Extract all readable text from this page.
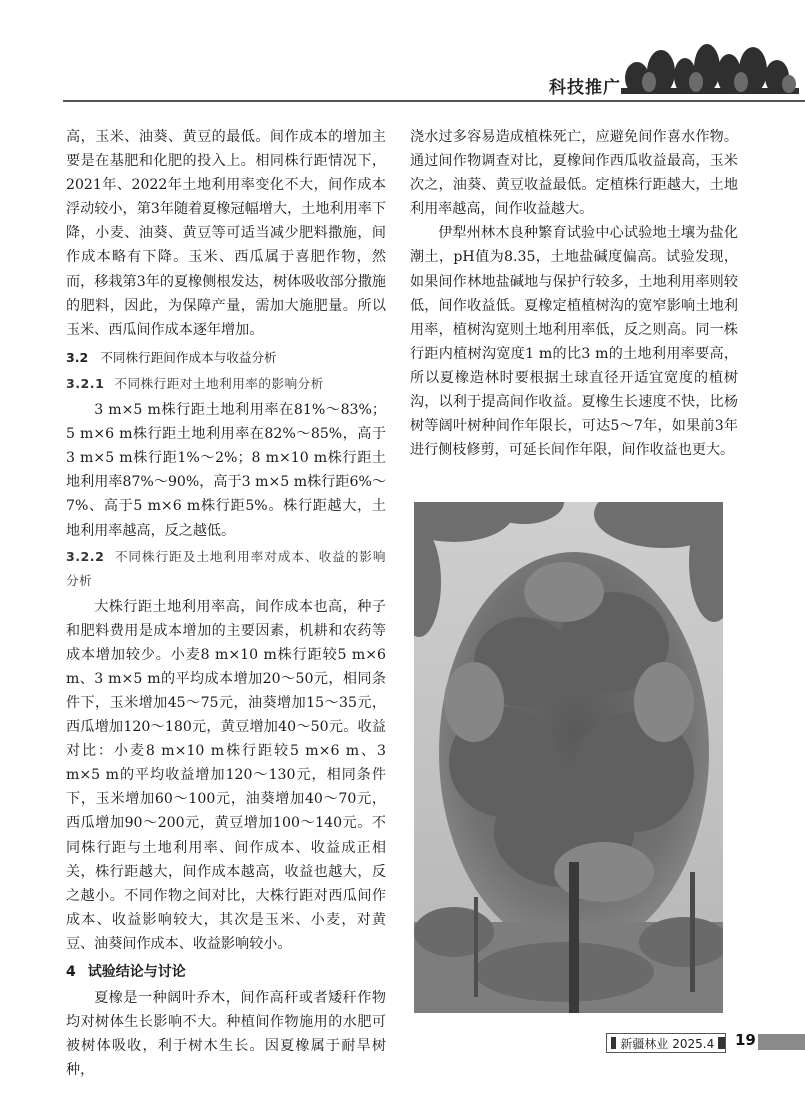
科技推广

高，玉米、油葵、黄豆的最低。间作成本的增加主要是在基肥和化肥的投入上。相同株行距情况下，2021年、2022年土地利用率变化不大，间作成本浮动较小，第3年随着夏橡冠幅增大，土地利用率下降，小麦、油葵、黄豆等可适当减少肥料撒施，间作成本略有下降。玉米、西瓜属于喜肥作物，然而，移栽第3年的夏橡侧根发达，树体吸收部分撒施的肥料，因此，为保障产量，需加大施肥量。所以玉米、西瓜间作成本逐年增加。

3.2 不同株行距间作成本与收益分析
3.2.1 不同株行距对土地利用率的影响分析

3 m×5 m株行距土地利用率在81%～83%；5 m×6 m株行距土地利用率在82%～85%，高于3 m×5 m株行距1%～2%；8 m×10 m株行距土地利用率87%～90%，高于3 m×5 m株行距6%～7%、高于5 m×6 m株行距5%。株行距越大，土地利用率越高，反之越低。

3.2.2 不同株行距及土地利用率对成本、收益的影响分析

大株行距土地利用率高，间作成本也高，种子和肥料费用是成本增加的主要因素，机耕和农药等成本增加较少。小麦8 m×10 m株行距较5 m×6 m、3 m×5 m的平均成本增加20～50元，相同条件下，玉米增加45～75元，油葵增加15～35元，西瓜增加120～180元，黄豆增加40～50元。收益对比：小麦8 m×10 m株行距较5 m×6 m、3 m×5 m的平均收益增加120～130元，相同条件下，玉米增加60～100元，油葵增加40～70元，西瓜增加90～200元，黄豆增加100～140元。不同株行距与土地利用率、间作成本、收益成正相关，株行距越大，间作成本越高，收益也越大，反之越小。不同作物之间对比，大株行距对西瓜间作成本、收益影响较大，其次是玉米、小麦，对黄豆、油葵间作成本、收益影响较小。

4 试验结论与讨论

夏橡是一种阔叶乔木，间作高秆或者矮秆作物均对树体生长影响不大。种植间作物施用的水肥可被树体吸收，利于树木生长。因夏橡属于耐旱树种，

浇水过多容易造成植株死亡，应避免间作喜水作物。通过间作物调查对比，夏橡间作西瓜收益最高，玉米次之，油葵、黄豆收益最低。定植株行距越大，土地利用率越高，间作收益越大。

伊犁州林木良种繁育试验中心试验地土壤为盐化潮土，pH值为8.35，土地盐碱度偏高。试验发现，如果间作林地盐碱地与保护行较多，土地利用率则较低，间作收益低。夏橡定植植树沟的宽窄影响土地利用率，植树沟宽则土地利用率低，反之则高。同一株行距内植树沟宽度1 m的比3 m的土地利用率要高，所以夏橡造林时要根据土球直径开适宜宽度的植树沟，以利于提高间作收益。夏橡生长速度不快，比杨树等阔叶树种间作年限长，可达5～7年，如果前3年进行侧枝修剪，可延长间作年限，间作收益也更大。

新疆林业 2025.4 19
